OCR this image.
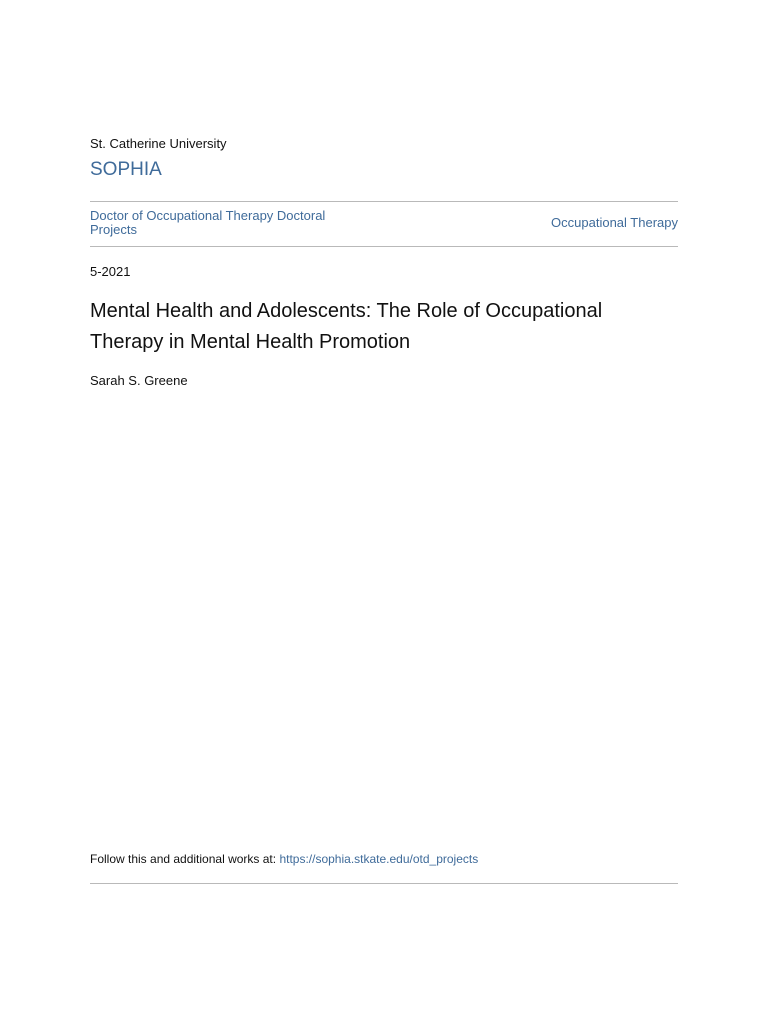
St. Catherine University
SOPHIA
Doctor of Occupational Therapy Doctoral Projects	Occupational Therapy
5-2021
Mental Health and Adolescents: The Role of Occupational Therapy in Mental Health Promotion
Sarah S. Greene
Follow this and additional works at: https://sophia.stkate.edu/otd_projects
